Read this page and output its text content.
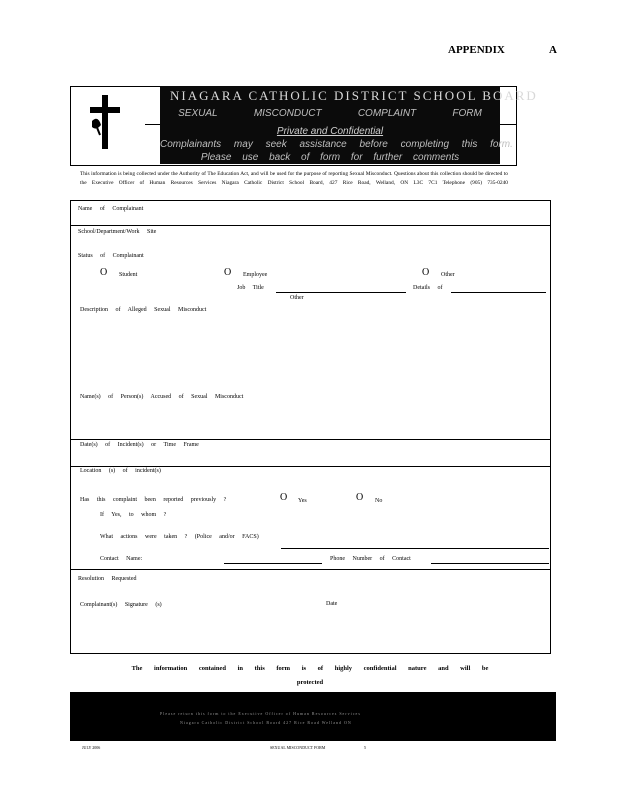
APPENDIX A
NIAGARA CATHOLIC DISTRICT SCHOOL BOARD
SEXUAL	MISCONDUCT	COMPLAINT	FORM
Private and Confidential
Complainants may seek assistance before completing this form.
Please use back of form for further comments
This information is being collected under the Authority of The Education Act, and will be used for the purpose of reporting Sexual Misconduct. Questions about this collection should be directed to the Executive Officer of Human Resources Services Niagara Catholic District School Board, 427 Rice Road, Welland, ON L3C 7C1 Telephone (905) 735-0240
Name of Complainant
School/Department/Work Site
Status of Complainant
O Student	O Employee	O Other
Job Title	Details of
Other
Description of Alleged Sexual Misconduct
Name(s) of Person(s) Accused of Sexual Misconduct
Date(s) of Incident(s) or Time Frame
Location (s) of incident(s)
Has this complaint been reported previously ?	O Yes	O No
If Yes, to whom ?
What actions were taken ? (Police and/or FACS)
Contact Name:	Phone Number of Contact
Resolution Requested
Complainant(s) Signature (s)	Date
The information contained in this form is of highly confidential nature and will be protected
Please return this form to the Executive Officer of Human Resources Services
Niagara Catholic District School Board 427 Rice Road Welland ON
JULY 2006	SEXUAL MISCONDUCT FORM	5
